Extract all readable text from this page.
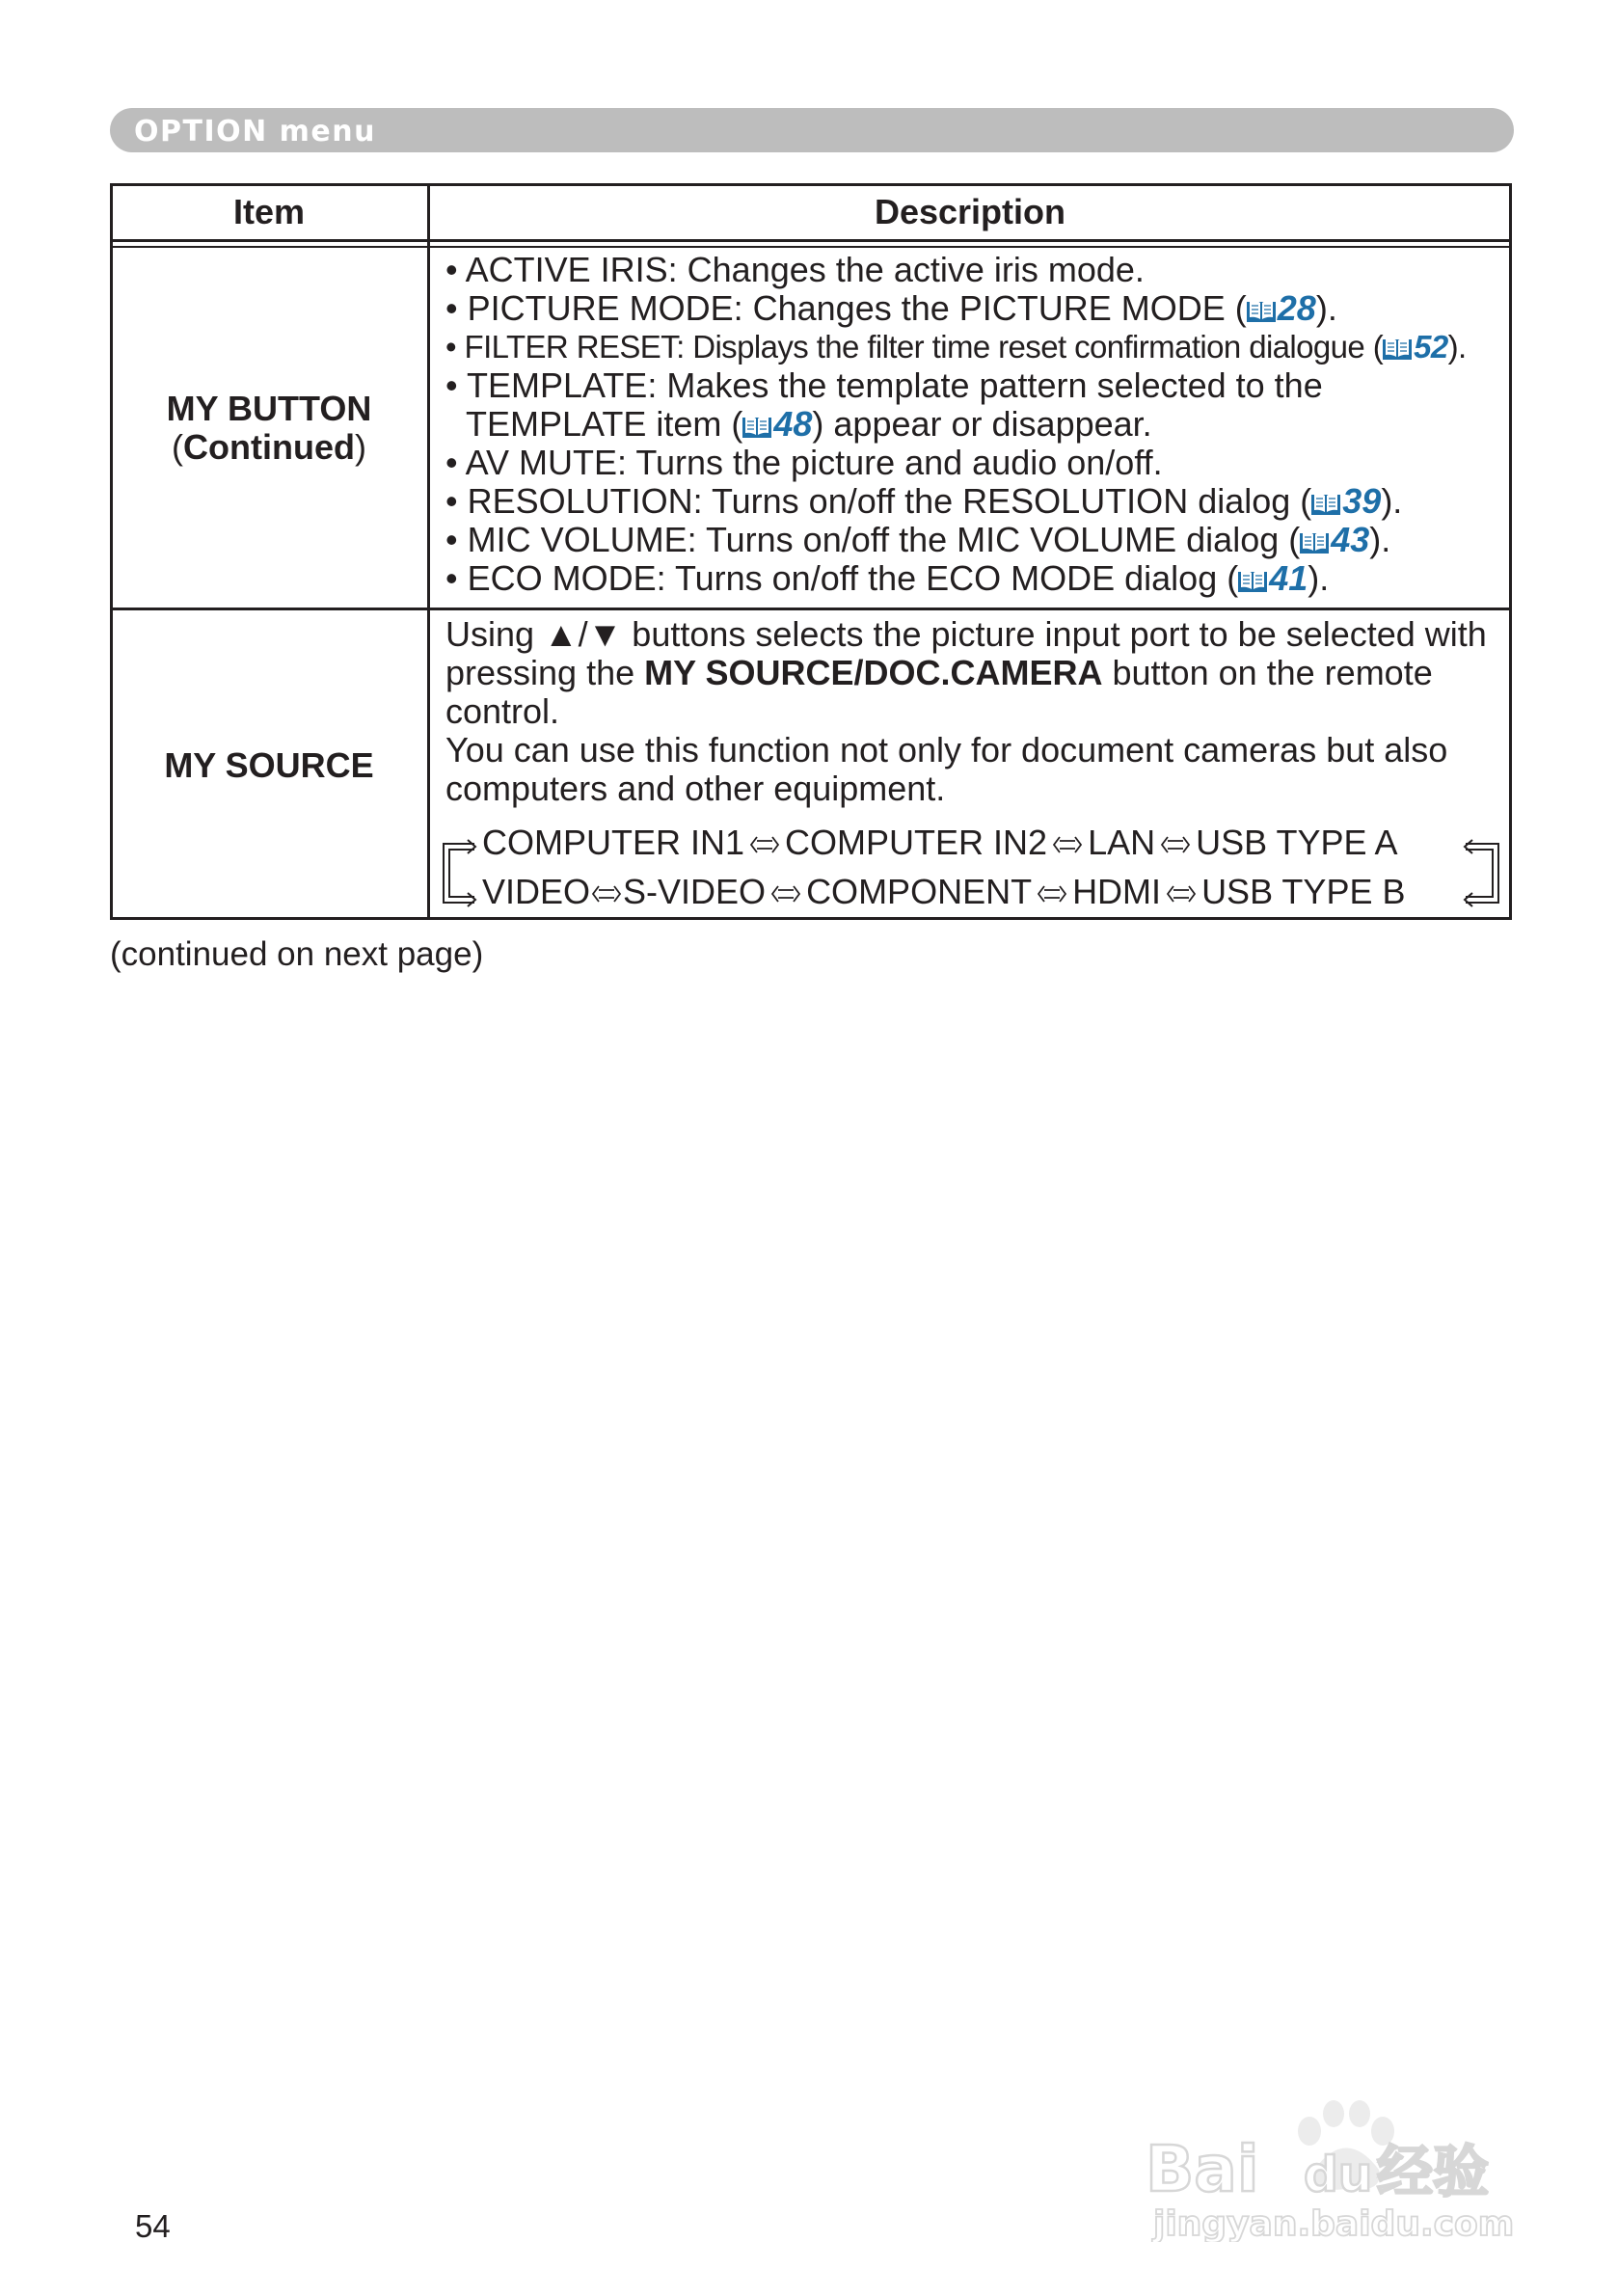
OPTION menu
Item	Description
MY BUTTON
(Continued)
• ACTIVE IRIS: Changes the active iris mode.
• PICTURE MODE: Changes the PICTURE MODE ( 28).
• FILTER RESET: Displays the filter time reset confirmation dialogue ( 52).
• TEMPLATE: Makes the template pattern selected to the
TEMPLATE item ( 48) appear or disappear.
• AV MUTE: Turns the picture and audio on/off.
• RESOLUTION: Turns on/off the RESOLUTION dialog ( 39).
• MIC VOLUME: Turns on/off the MIC VOLUME dialog ( 43).
• ECO MODE: Turns on/off the ECO MODE dialog ( 41).
MY SOURCE
Using ▲/▼ buttons selects the picture input port to be selected with
pressing the MY SOURCE/DOC.CAMERA button on the remote
control.
You can use this function not only for document cameras but also
computers and other equipment.
COMPUTER IN1 COMPUTER IN2 LAN USB TYPE A
VIDEO S-VIDEO COMPONENT HDMI USB TYPE B
(continued on next page)
54
Bai du 经验
jingyan.baidu.com
